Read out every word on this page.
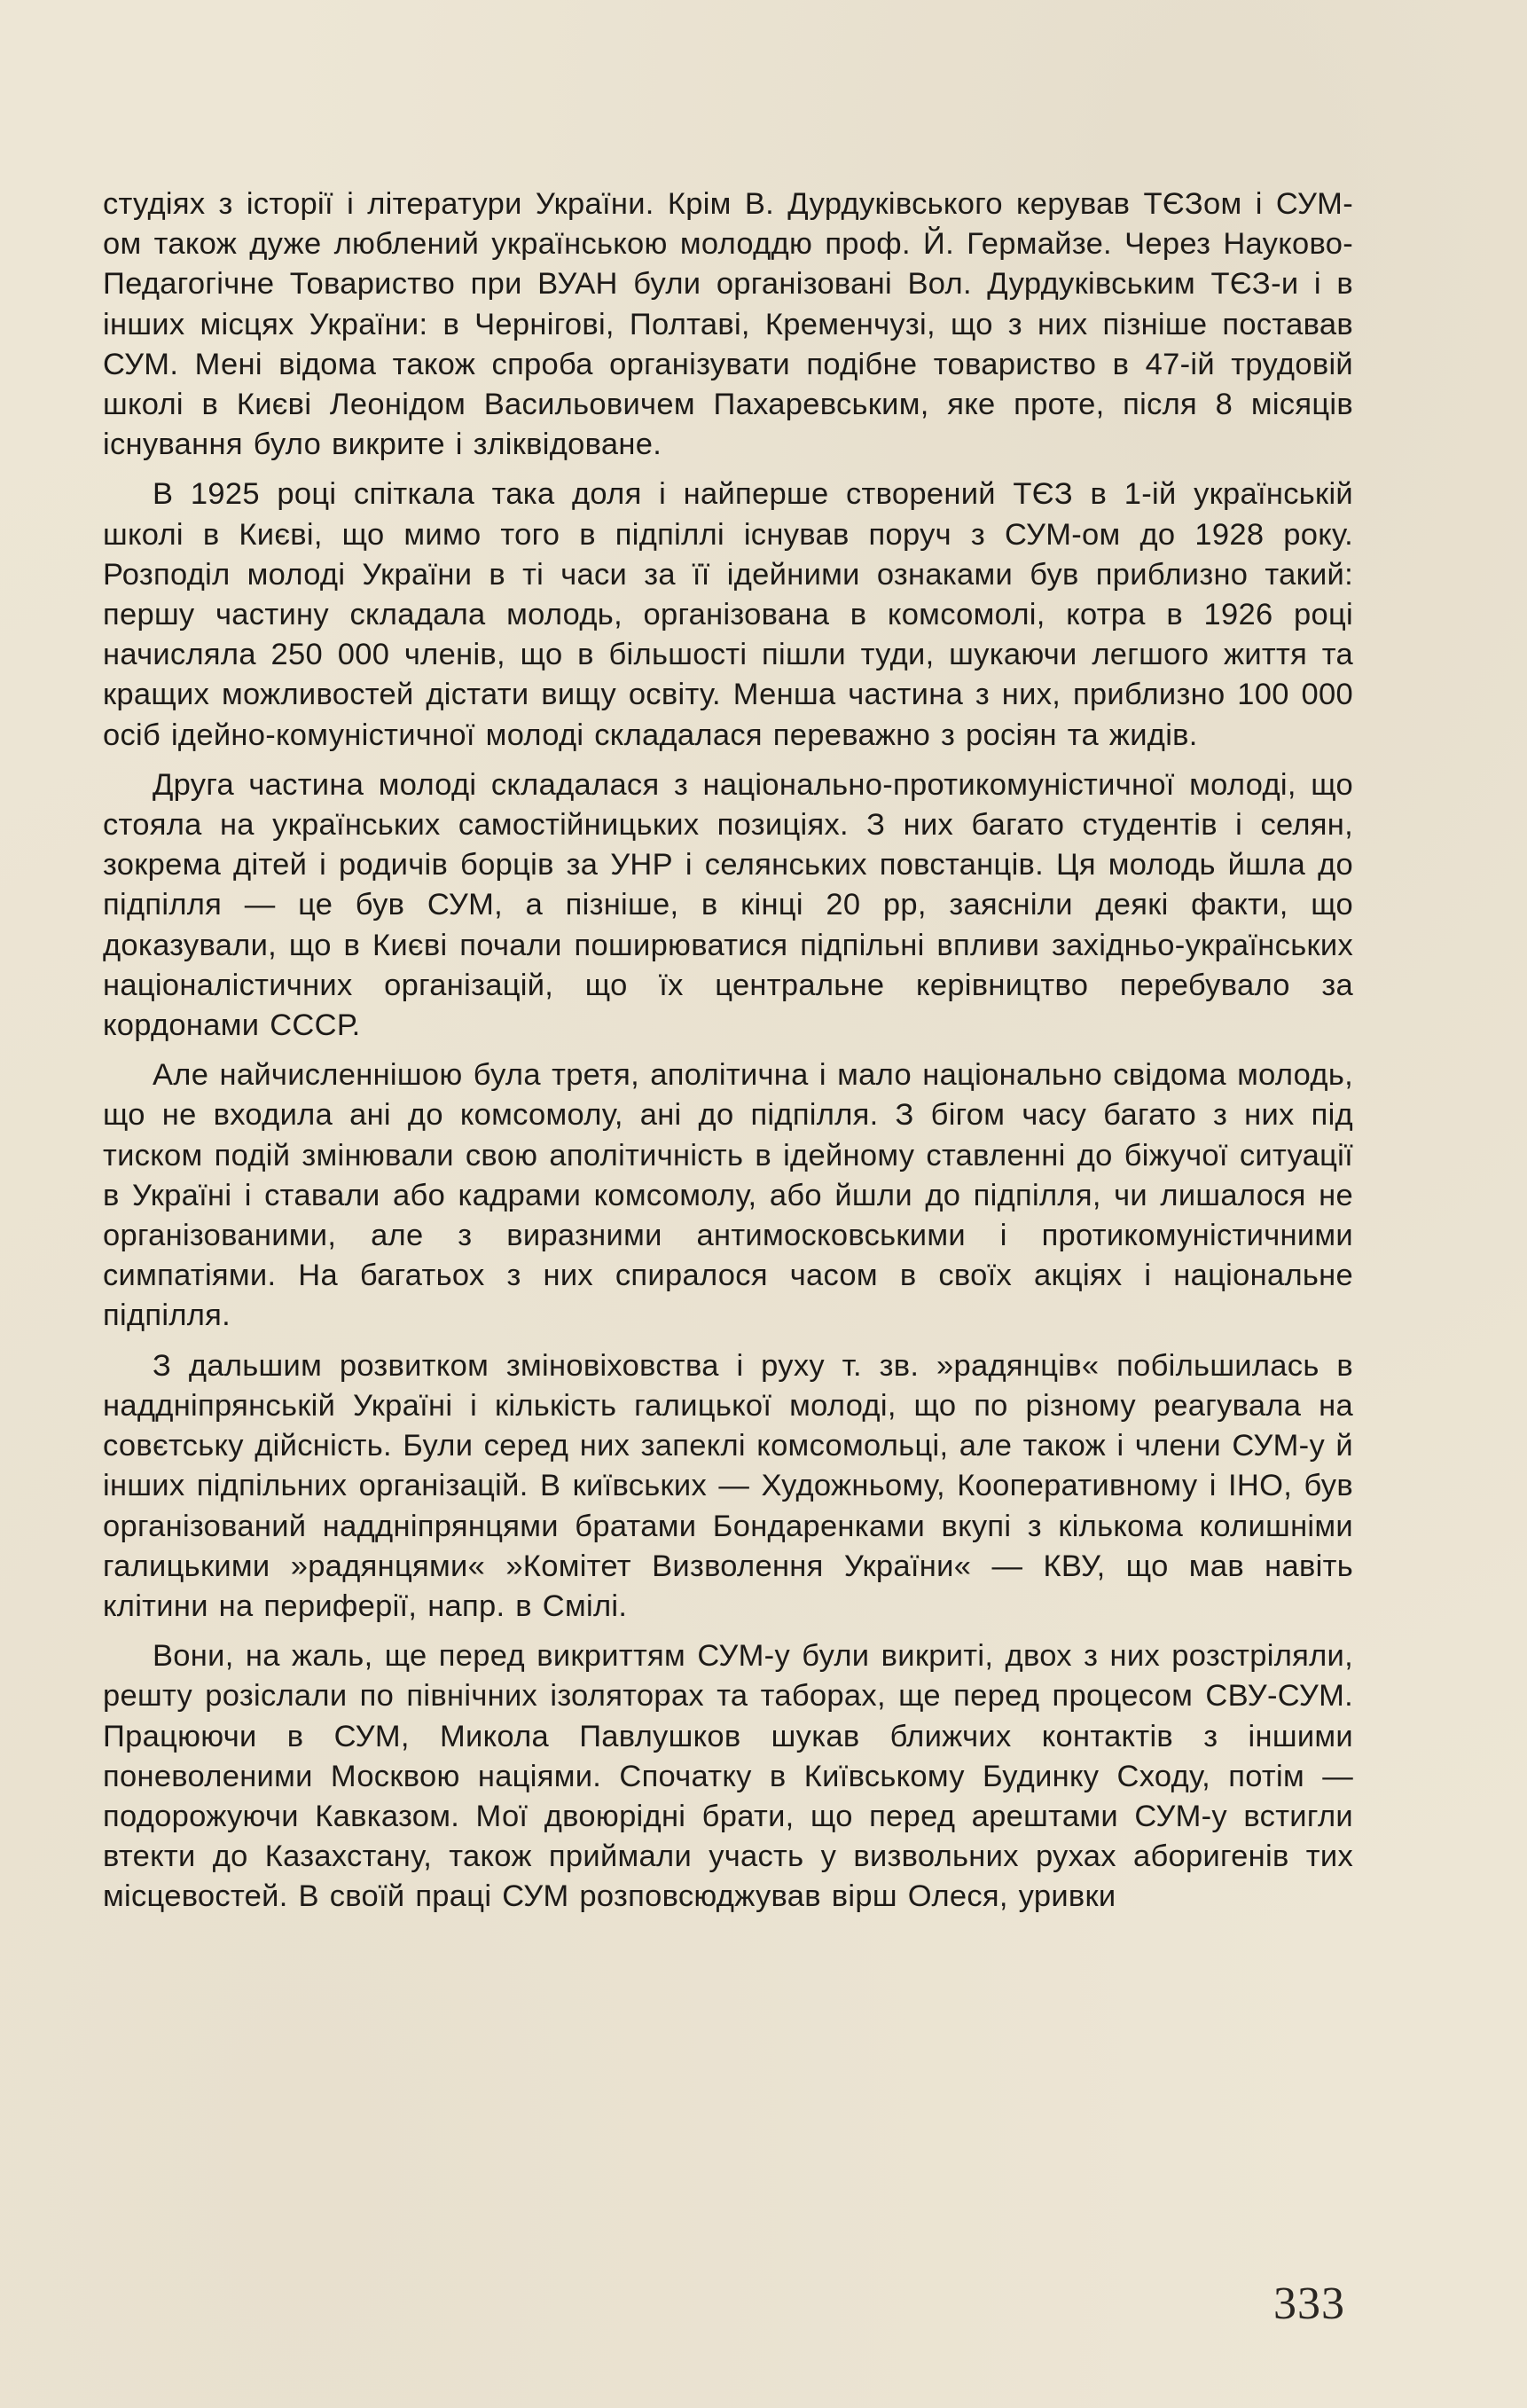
студіях з історії і літератури України. Крім В. Дурдуківського керував ТЄЗом і СУМ-ом також дуже люблений українською молоддю проф. Й. Гермайзе. Через Науково-Педагогічне Товариство при ВУАН були організовані Вол. Дурдуківським ТЄЗ-и і в інших місцях України: в Чернігові, Полтаві, Кременчузі, що з них пізніше поставав СУМ. Мені відома також спроба організувати подібне товариство в 47-ій трудовій школі в Києві Леонідом Васильовичем Пахаревським, яке проте, після 8 місяців існування було викрите і зліквідоване.

В 1925 році спіткала така доля і найперше створений ТЄЗ в 1-ій українській школі в Києві, що мимо того в підпіллі існував поруч з СУМ-ом до 1928 року. Розподіл молоді України в ті часи за її ідейними ознаками був приблизно такий: першу частину складала молодь, організована в комсомолі, котра в 1926 році начисляла 250 000 членів, що в більшості пішли туди, шукаючи легшого життя та кращих можливостей дістати вищу освіту. Менша частина з них, приблизно 100 000 осіб ідейно-комуністичної молоді складалася переважно з росіян та жидів.

Друга частина молоді складалася з національно-протикомуністичної молоді, що стояла на українських самостійницьких позиціях. З них багато студентів і селян, зокрема дітей і родичів борців за УНР і селянських повстанців. Ця молодь йшла до підпілля — це був СУМ, а пізніше, в кінці 20 рр, заясніли деякі факти, що доказували, що в Києві почали поширюватися підпільні впливи західньо-українських націоналістичних організацій, що їх центральне керівництво перебувало за кордонами СССР.

Але найчисленнішою була третя, аполітична і мало національно свідома молодь, що не входила ані до комсомолу, ані до підпілля. З бігом часу багато з них під тиском подій змінювали свою аполітичність в ідейному ставленні до біжучої ситуації в Україні і ставали або кадрами комсомолу, або йшли до підпілля, чи лишалося не організованими, але з виразними антимосковськими і протикомуністичними симпатіями. На багатьох з них спиралося часом в своїх акціях і національне підпілля.

З дальшим розвитком змінoвіховства і руху т. зв. »радянців« побільшилась в наддніпрянській Україні і кількість галицької молоді, що по різному реагувала на совєтську дійсність. Були серед них запеклі комсомольці, але також і члени СУМ-у й інших підпільних організацій. В київських — Художньому, Кооперативному і ІНО, був організований наддніпрянцями братами Бондаренками вкупі з кількома колишніми галицькими »радянцями« »Комітет Визволення України« — КВУ, що мав навіть клітини на периферії, напр. в Смілі.

Вони, на жаль, ще перед викриттям СУМ-у були викриті, двох з них розстріляли, решту розіслали по північних ізоляторах та таборах, ще перед процесом СВУ-СУМ. Працюючи в СУМ, Микола Павлушков шукав ближчих контактів з іншими поневоленими Москвою націями. Спочатку в Київському Будинку Сходу, потім — подорожуючи Кавказом. Мої двоюрідні брати, що перед арештами СУМ-у встигли втекти до Казахстану, також приймали участь у визвольних рухах аборигенів тих місцевостей. В своїй праці СУМ розповсюджував вірш Олеся, уривки

333
